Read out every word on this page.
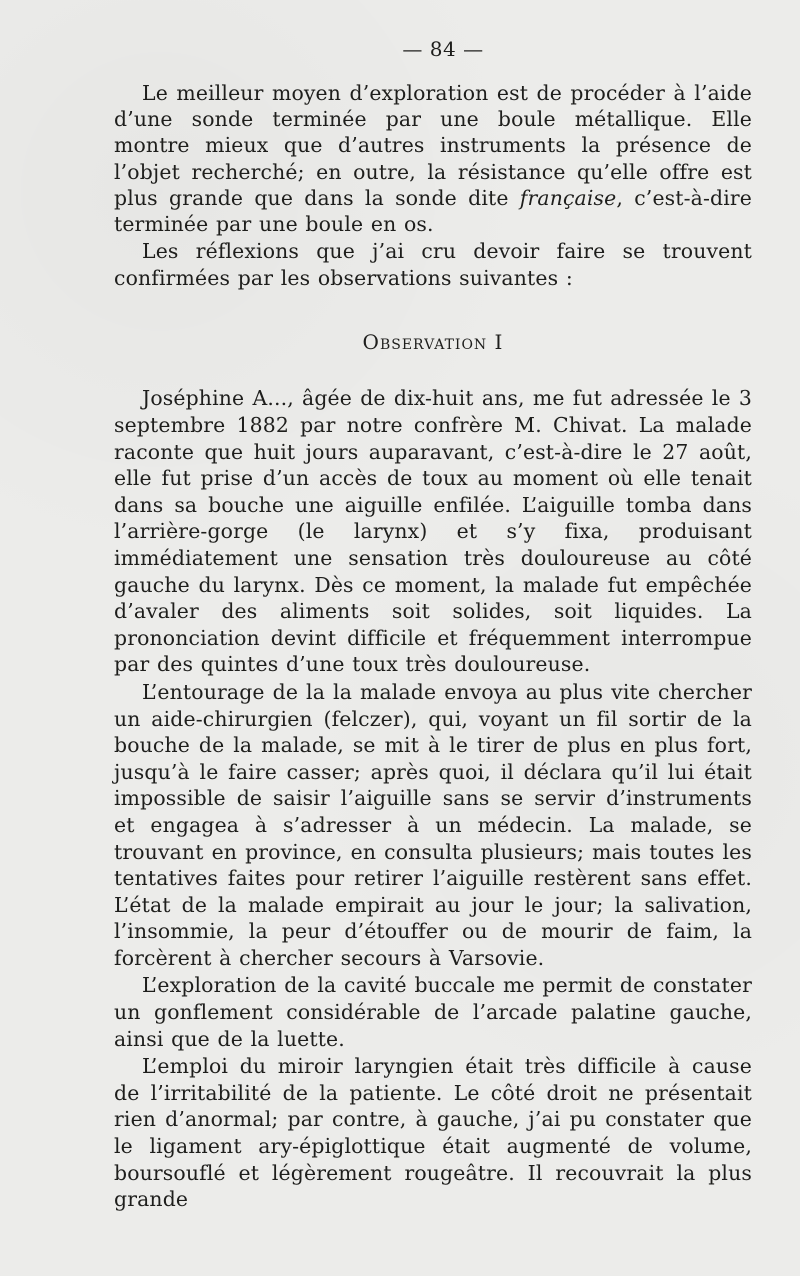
— 84 —

Le meilleur moyen d’exploration est de procéder à l’aide d’une sonde terminée par une boule métallique. Elle montre mieux que d’autres instruments la présence de l’objet recherché; en outre, la résistance qu’elle offre est plus grande que dans la sonde dite française, c’est-à-dire terminée par une boule en os.

Les réflexions que j’ai cru devoir faire se trouvent confirmées par les observations suivantes :

Observation I

Joséphine A..., âgée de dix-huit ans, me fut adressée le 3 septembre 1882 par notre confrère M. Chivat. La malade raconte que huit jours auparavant, c’est-à-dire le 27 août, elle fut prise d’un accès de toux au moment où elle tenait dans sa bouche une aiguille enfilée. L’aiguille tomba dans l’arrière-gorge (le larynx) et s’y fixa, produisant immédiatement une sensation très douloureuse au côté gauche du larynx. Dès ce moment, la malade fut empêchée d’avaler des aliments soit solides, soit liquides. La prononciation devint difficile et fréquemment interrompue par des quintes d’une toux très douloureuse.

L’entourage de la la malade envoya au plus vite chercher un aide-chirurgien (felczer), qui, voyant un fil sortir de la bouche de la malade, se mit à le tirer de plus en plus fort, jusqu’à le faire casser; après quoi, il déclara qu’il lui était impossible de saisir l’aiguille sans se servir d’instruments et engagea à s’adresser à un médecin. La malade, se trouvant en province, en consulta plusieurs; mais toutes les tentatives faites pour retirer l’aiguille restèrent sans effet. L’état de la malade empirait au jour le jour; la salivation, l’insommie, la peur d’étouffer ou de mourir de faim, la forcèrent à chercher secours à Varsovie.

L’exploration de la cavité buccale me permit de constater un gonflement considérable de l’arcade palatine gauche, ainsi que de la luette.

L’emploi du miroir laryngien était très difficile à cause de l’irritabilité de la patiente. Le côté droit ne présentait rien d’anormal; par contre, à gauche, j’ai pu constater que le ligament ary-épiglottique était augmenté de volume, boursouflé et légèrement rougeâtre. Il recouvrait la plus grande
